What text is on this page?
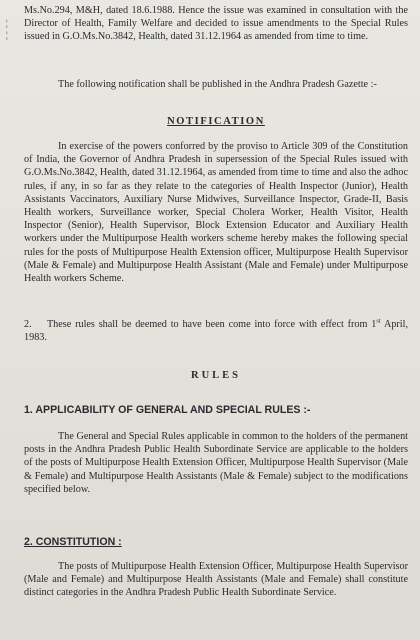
¦
¦

Ms.No.294, M&H, dated 18.6.1988. Hence the issue was examined in consultation with the Director of Health, Family Welfare and decided to issue amendments to the Special Rules issued in G.O.Ms.No.3842, Health, dated 31.12.1964 as amended from time to time.

The following notification shall be published in the Andhra Pradesh Gazette :-

NOTIFICATION

In exercise of the powers conforred by the proviso to Article 309 of the Constitution of India, the Governor of Andhra Pradesh in supersession of the Special Rules issued with G.O.Ms.No.3842, Health, dated 31.12.1964, as amended from time to time and also the adhoc rules, if any, in so far as they relate to the categories of Health Inspector (Junior), Health Assistants Vaccinators, Auxiliary Nurse Midwives, Surveillance Inspector, Grade-II, Basis Health workers, Surveillance worker, Special Cholera Worker, Health Visitor, Health Inspector (Senior), Health Supervisor, Block Extension Educator and Auxiliary Health workers under the Multipurpose Health workers scheme hereby makes the following special rules for the posts of Multipurpose Health Extension officer, Multipurpose Health Supervisor (Male & Female) and Multipurpose Health Assistant (Male and Female) under Multipurpose Health workers Scheme.

2. These rules shall be deemed to have been come into force with effect from 1st April, 1983.

RULES

1. APPLICABILITY OF GENERAL AND SPECIAL RULES :-

The General and Special Rules applicable in common to the holders of the permanent posts in the Andhra Pradesh Public Health Subordinate Service are applicable to the holders of the posts of Multipurpose Health Extension Officer, Multipurpose Health Supervisor (Male & Female) and Multipurpose Health Assistants (Male & Female) subject to the modifications specified below.

2. CONSTITUTION :

The posts of Multipurpose Health Extension Officer, Multipurpose Health Supervisor (Male and Female) and Multipurpose Health Assistants (Male and Female) shall constitute distinct categories in the Andhra Pradesh Public Health Subordinate Service.
